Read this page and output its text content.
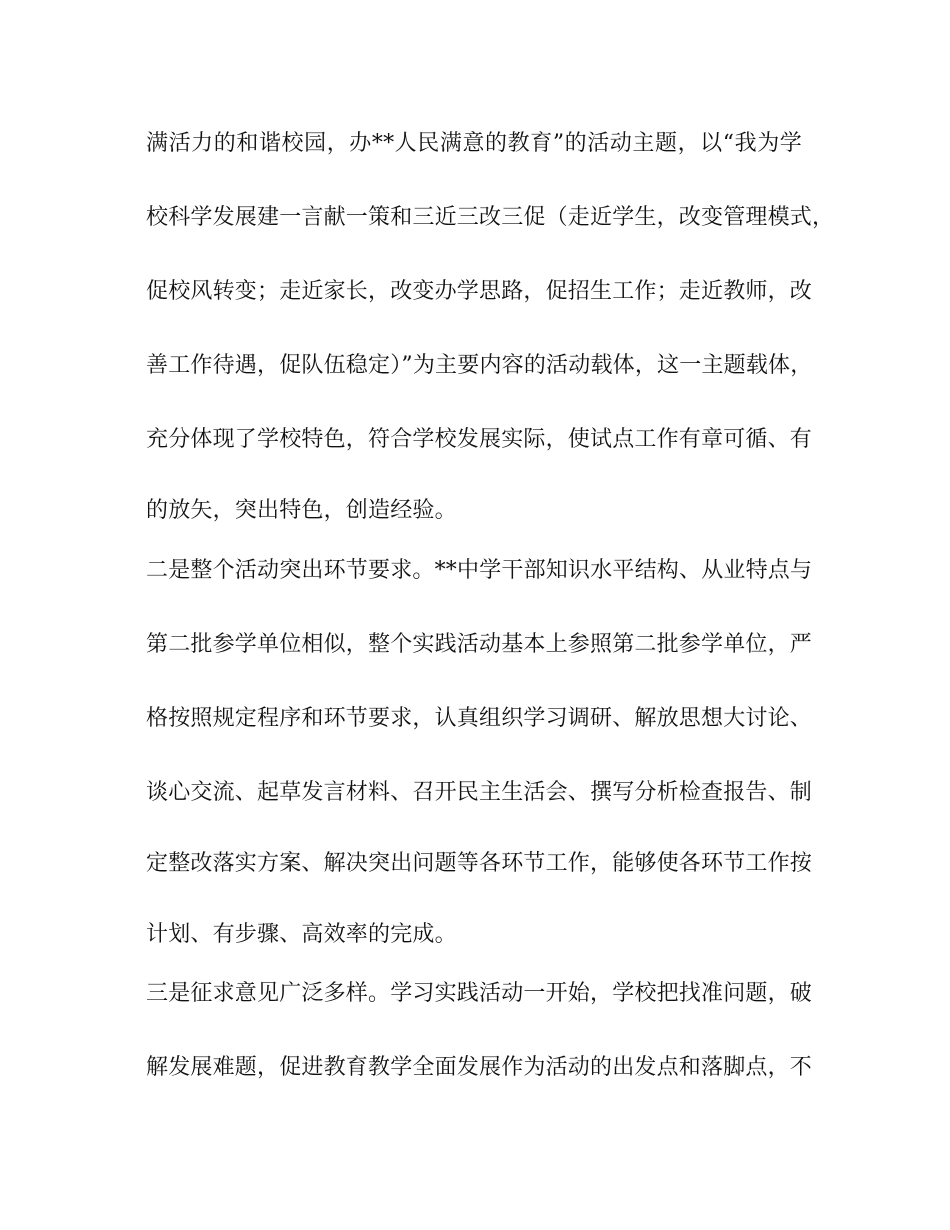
满活力的和谐校园，办**人民满意的教育”的活动主题，以“我为学
校科学发展建一言献一策和三近三改三促（走近学生，改变管理模式，
促校风转变；走近家长，改变办学思路，促招生工作；走近教师，改
善工作待遇，促队伍稳定）”为主要内容的活动载体，这一主题载体，
充分体现了学校特色，符合学校发展实际，使试点工作有章可循、有
的放矢，突出特色，创造经验。
二是整个活动突出环节要求。**中学干部知识水平结构、从业特点与
第二批参学单位相似，整个实践活动基本上参照第二批参学单位，严
格按照规定程序和环节要求，认真组织学习调研、解放思想大讨论、
谈心交流、起草发言材料、召开民主生活会、撰写分析检查报告、制
定整改落实方案、解决突出问题等各环节工作，能够使各环节工作按
计划、有步骤、高效率的完成。
三是征求意见广泛多样。学习实践活动一开始，学校把找准问题，破
解发展难题，促进教育教学全面发展作为活动的出发点和落脚点，不
